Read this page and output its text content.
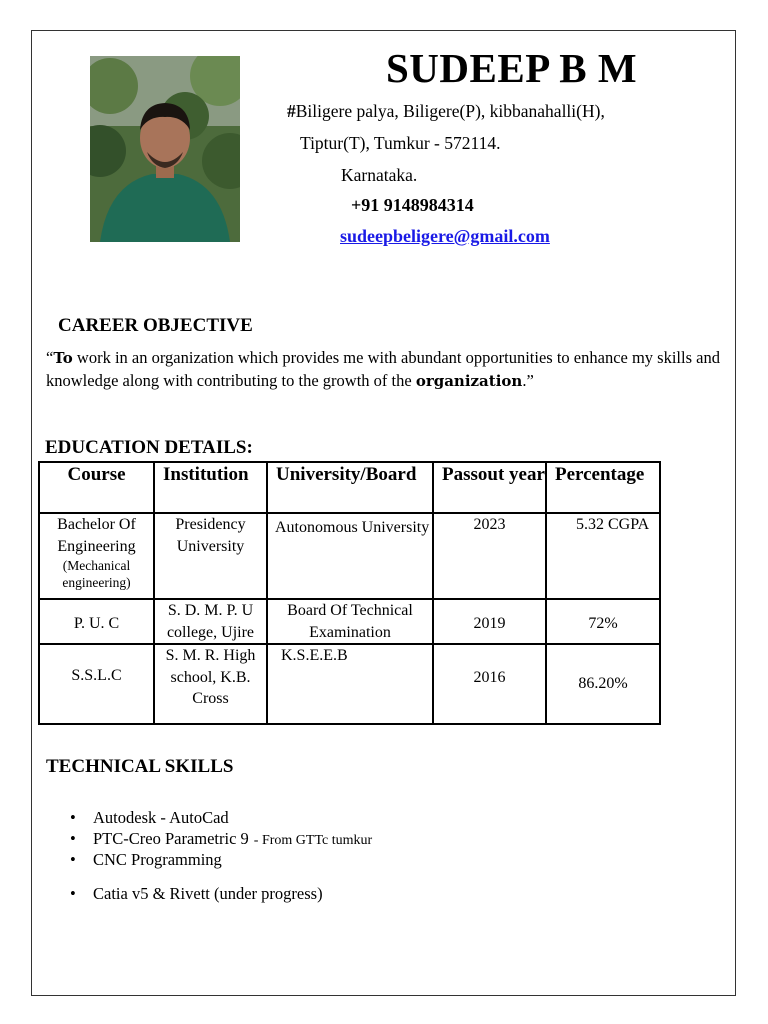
SUDEEP B M
#Biligere palya, Biligere(P), kibbanahalli(H),
Tiptur(T), Tumkur - 572114.
Karnataka.
+91 9148984314
sudeepbeligere@gmail.com
CAREER OBJECTIVE
“To work in an organization which provides me with abundant opportunities to enhance my skills and knowledge along with contributing to the growth of the organization.”
EDUCATION DETAILS:
Course	Institution	University/Board	Passout year	Percentage

Bachelor Of Engineering
(Mechanical engineering)	Presidency University	Autonomous University	2023	5.32 CGPA
P. U. C	S. D. M. P. U college, Ujire	Board Of Technical Examination	2019	72%
S.S.L.C	S. M. R. High school, K.B. Cross	K.S.E.E.B	2016	86.20%
TECHNICAL SKILLS
• Autodesk - AutoCad
• PTC-Creo Parametric 9 - From GTTc tumkur
• CNC Programming
• Catia v5 & Rivett (under progress)
